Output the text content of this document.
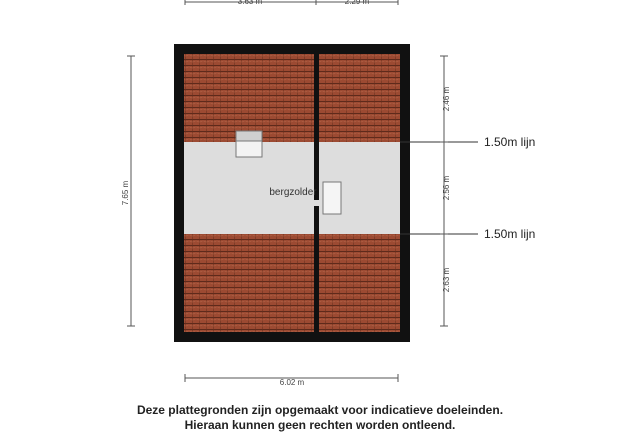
3.63 m	2.29 m
bergzolder
1.50m lijn
1.50m lijn
7.65 m
2.46 m
2.56 m
2.63 m
6.02 m
Deze plattegronden zijn opgemaakt voor indicatieve doeleinden.
Hieraan kunnen geen rechten worden ontleend.
